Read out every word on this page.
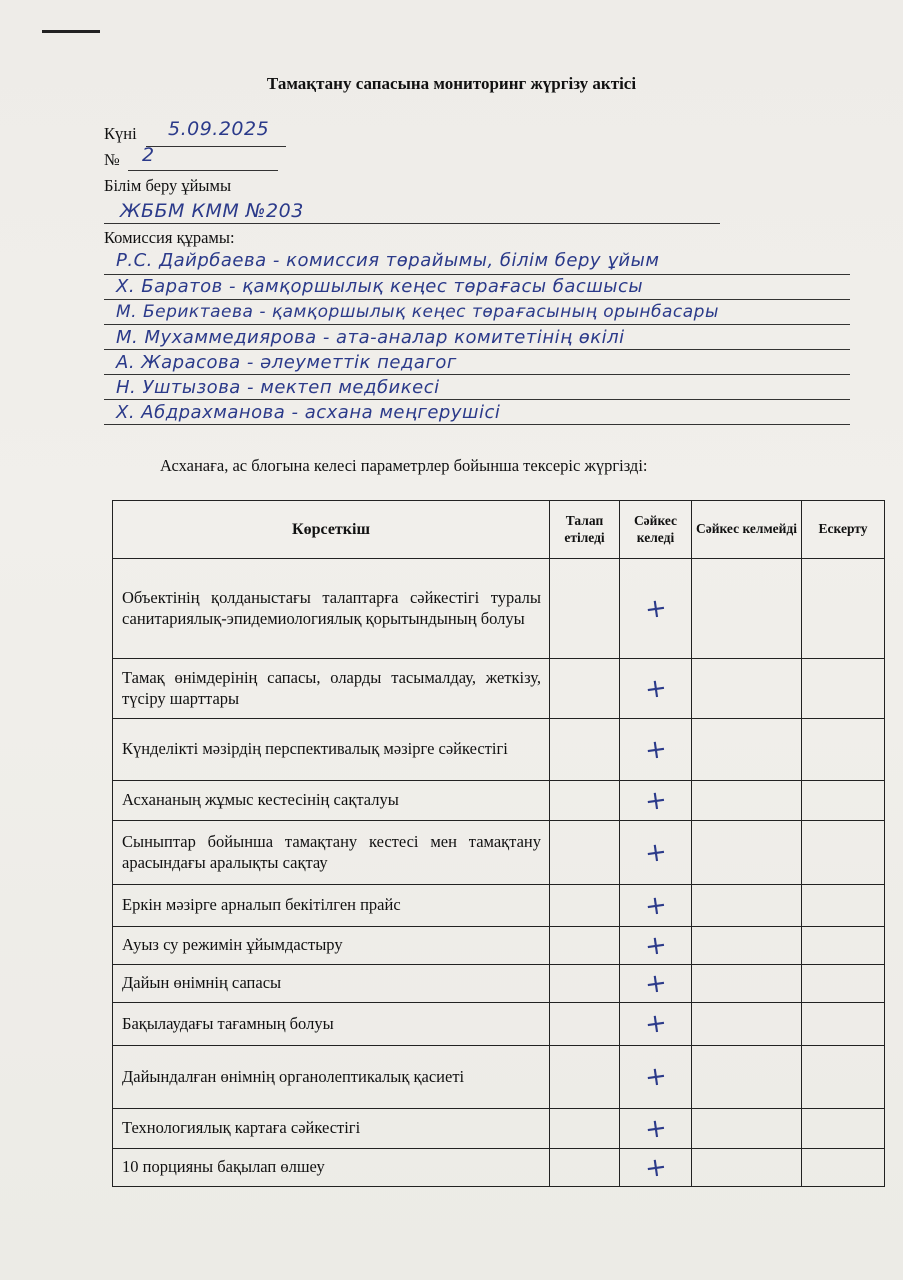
Тамақтану сапасына мониторинг жүргізу актісі
Күні 5.09.2025
№ 2
Білім беру ұйымы
ЖББМ КММ №203
Комиссия құрамы:
Р.С. Дайрбаева - комиссия төрайымы, білім беру ұйым
Х. Баратов - қамқоршылық кеңес төрағасы басшысы
М. Бериктаева - қамқоршылық кеңес төрағасының орынбасары
М. Мухаммедиярова - ата-аналар комитетінің өкілі
А. Жарасова - әлеуметтік педагог
Н. Уштызова - мектеп медбикесі
Х. Абдрахманова - асхана меңгерушісі
Асханаға, ас блогына келесі параметрлер бойынша тексеріс жүргізді:
Көрсеткіш	Талап етіледі	Сәйкес келеді	Сәйкес келмейді	Ескерту
Объектінің қолданыстағы талаптарға сәйкестігі туралы санитариялық-эпидемиологиялық қорытындының болуы		+		
Тамақ өнімдерінің сапасы, оларды тасымалдау, жеткізу, түсіру шарттары		+		
Күнделікті мәзірдің перспективалық мәзірге сәйкестігі		+		
Асхананың жұмыс кестесінің сақталуы		+		
Сыныптар бойынша тамақтану кестесі мен тамақтану арасындағы аралықты сақтау		+		
Еркін мәзірге арналып бекітілген прайс		+		
Ауыз су режимін ұйымдастыру		+		
Дайын өнімнің сапасы		+		
Бақылаудағы тағамның болуы		+		
Дайындалған өнімнің органолептикалық қасиеті		+		
Технологиялық картаға сәйкестігі		+		
10 порцияны бақылап өлшеу		+		
